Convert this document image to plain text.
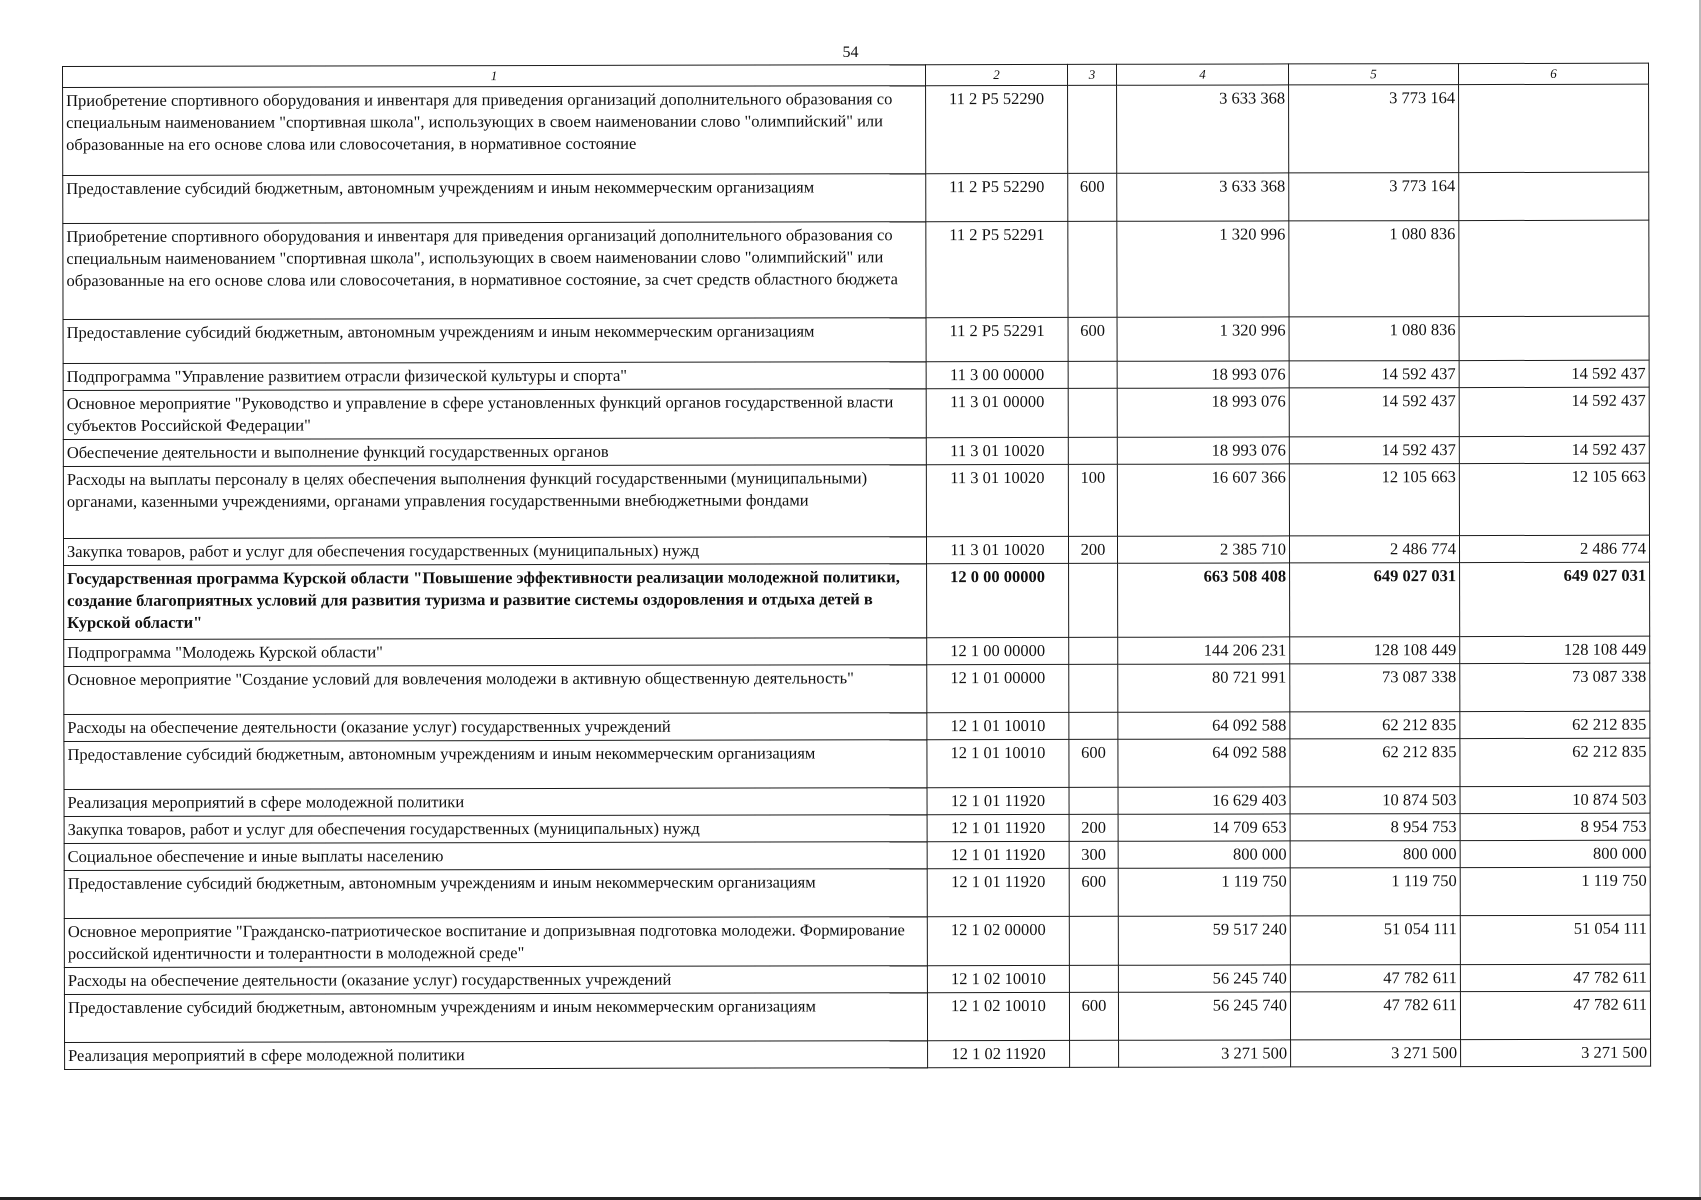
54
1	2	3	4	5	6
Приобретение спортивного оборудования и инвентаря для приведения организаций дополнительного образования со специальным наименованием "спортивная школа", использующих в своем наименовании слово "олимпийский" или образованные на его основе слова или словосочетания, в нормативное состояние	11 2 P5 52290		3 633 368	3 773 164	
Предоставление субсидий бюджетным, автономным учреждениям и иным некоммерческим организациям	11 2 P5 52290	600	3 633 368	3 773 164	
Приобретение спортивного оборудования и инвентаря для приведения организаций дополнительного образования со специальным наименованием "спортивная школа", использующих в своем наименовании слово "олимпийский" или образованные на его основе слова или словосочетания, в нормативное состояние, за счет средств областного бюджета	11 2 P5 52291		1 320 996	1 080 836	
Предоставление субсидий бюджетным, автономным учреждениям и иным некоммерческим организациям	11 2 P5 52291	600	1 320 996	1 080 836	
Подпрограмма "Управление развитием отрасли физической культуры и спорта"	11 3 00 00000		18 993 076	14 592 437	14 592 437
Основное мероприятие "Руководство и управление в сфере установленных функций органов государственной власти субъектов Российской Федерации"	11 3 01 00000		18 993 076	14 592 437	14 592 437
Обеспечение деятельности и выполнение функций государственных органов	11 3 01 10020		18 993 076	14 592 437	14 592 437
Расходы на выплаты персоналу в целях обеспечения выполнения функций государственными (муниципальными) органами, казенными учреждениями, органами управления государственными внебюджетными фондами	11 3 01 10020	100	16 607 366	12 105 663	12 105 663
Закупка товаров, работ и услуг для обеспечения государственных (муниципальных) нужд	11 3 01 10020	200	2 385 710	2 486 774	2 486 774
Государственная программа Курской области "Повышение эффективности реализации молодежной политики, создание благоприятных условий для развития туризма и развитие системы оздоровления и отдыха детей в Курской области"	12 0 00 00000		663 508 408	649 027 031	649 027 031
Подпрограмма "Молодежь Курской области"	12 1 00 00000		144 206 231	128 108 449	128 108 449
Основное мероприятие "Создание условий для вовлечения молодежи в активную общественную деятельность"	12 1 01 00000		80 721 991	73 087 338	73 087 338
Расходы на обеспечение деятельности (оказание услуг) государственных учреждений	12 1 01 10010		64 092 588	62 212 835	62 212 835
Предоставление субсидий бюджетным, автономным учреждениям и иным некоммерческим организациям	12 1 01 10010	600	64 092 588	62 212 835	62 212 835
Реализация мероприятий в сфере молодежной политики	12 1 01 11920		16 629 403	10 874 503	10 874 503
Закупка товаров, работ и услуг для обеспечения государственных (муниципальных) нужд	12 1 01 11920	200	14 709 653	8 954 753	8 954 753
Социальное обеспечение и иные выплаты населению	12 1 01 11920	300	800 000	800 000	800 000
Предоставление субсидий бюджетным, автономным учреждениям и иным некоммерческим организациям	12 1 01 11920	600	1 119 750	1 119 750	1 119 750
Основное мероприятие "Гражданско-патриотическое воспитание и допризывная подготовка молодежи. Формирование российской идентичности и толерантности в молодежной среде"	12 1 02 00000		59 517 240	51 054 111	51 054 111
Расходы на обеспечение деятельности (оказание услуг) государственных учреждений	12 1 02 10010		56 245 740	47 782 611	47 782 611
Предоставление субсидий бюджетным, автономным учреждениям и иным некоммерческим организациям	12 1 02 10010	600	56 245 740	47 782 611	47 782 611
Реализация мероприятий в сфере молодежной политики	12 1 02 11920		3 271 500	3 271 500	3 271 500
